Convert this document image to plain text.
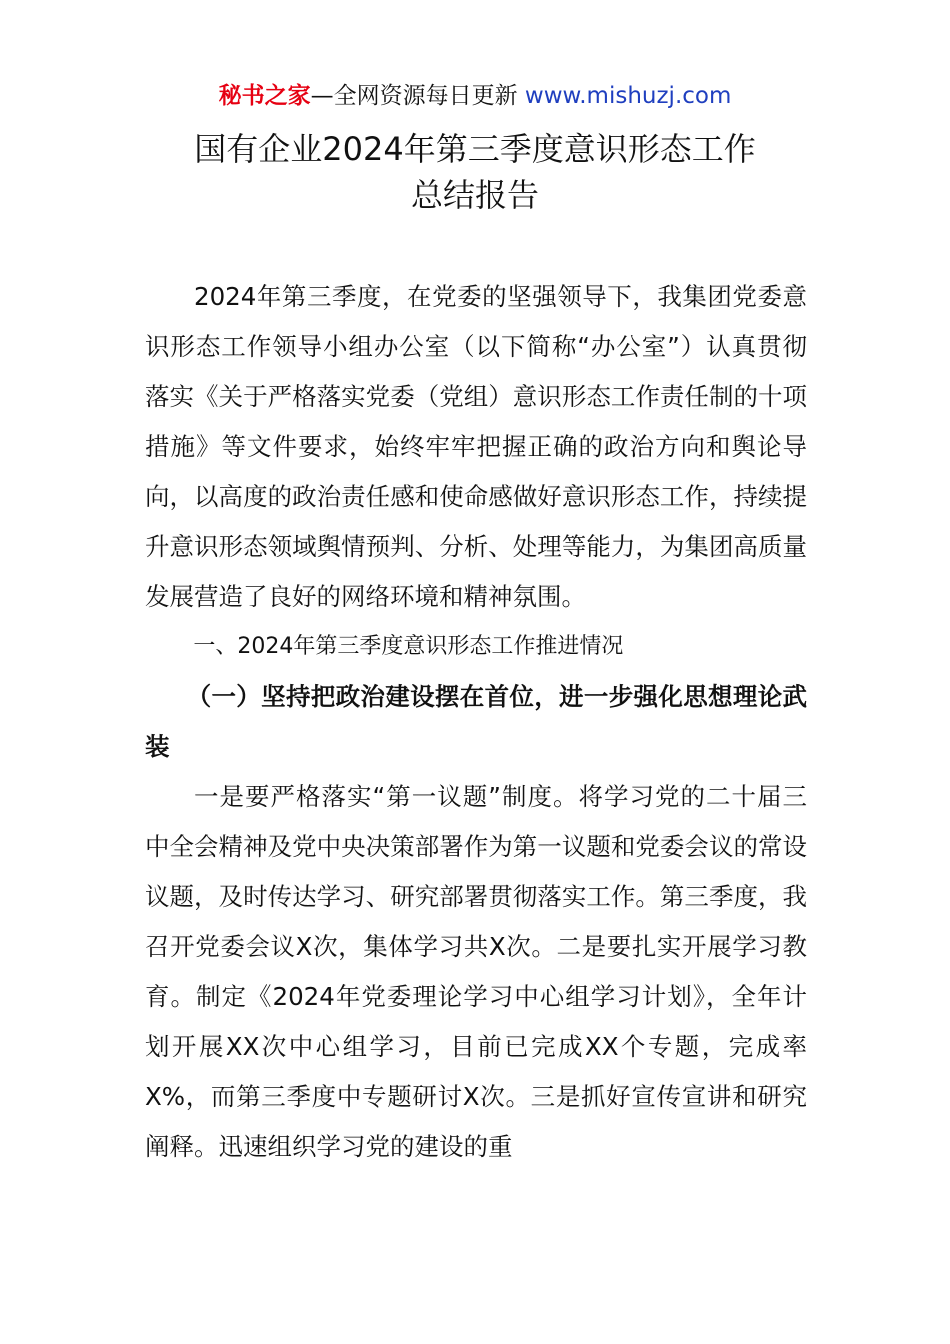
秘书之家—全网资源每日更新 www.mishuzj.com
国有企业2024年第三季度意识形态工作
总结报告

2024年第三季度，在党委的坚强领导下，我集团党委意识形态工作领导小组办公室（以下简称“办公室”）认真贯彻落实《关于严格落实党委（党组）意识形态工作责任制的十项措施》等文件要求，始终牢牢把握正确的政治方向和舆论导向，以高度的政治责任感和使命感做好意识形态工作，持续提升意识形态领域舆情预判、分析、处理等能力，为集团高质量发展营造了良好的网络环境和精神氛围。

一、2024年第三季度意识形态工作推进情况

（一）坚持把政治建设摆在首位，进一步强化思想理论武装

一是要严格落实“第一议题”制度。将学习党的二十届三中全会精神及党中央决策部署作为第一议题和党委会议的常设议题，及时传达学习、研究部署贯彻落实工作。第三季度，我召开党委会议X次，集体学习共X次。二是要扎实开展学习教育。制定《2024年党委理论学习中心组学习计划》，全年计划开展XX次中心组学习，目前已完成XX个专题，完成率X%，而第三季度中专题研讨X次。三是抓好宣传宣讲和研究阐释。迅速组织学习党的建设的重
